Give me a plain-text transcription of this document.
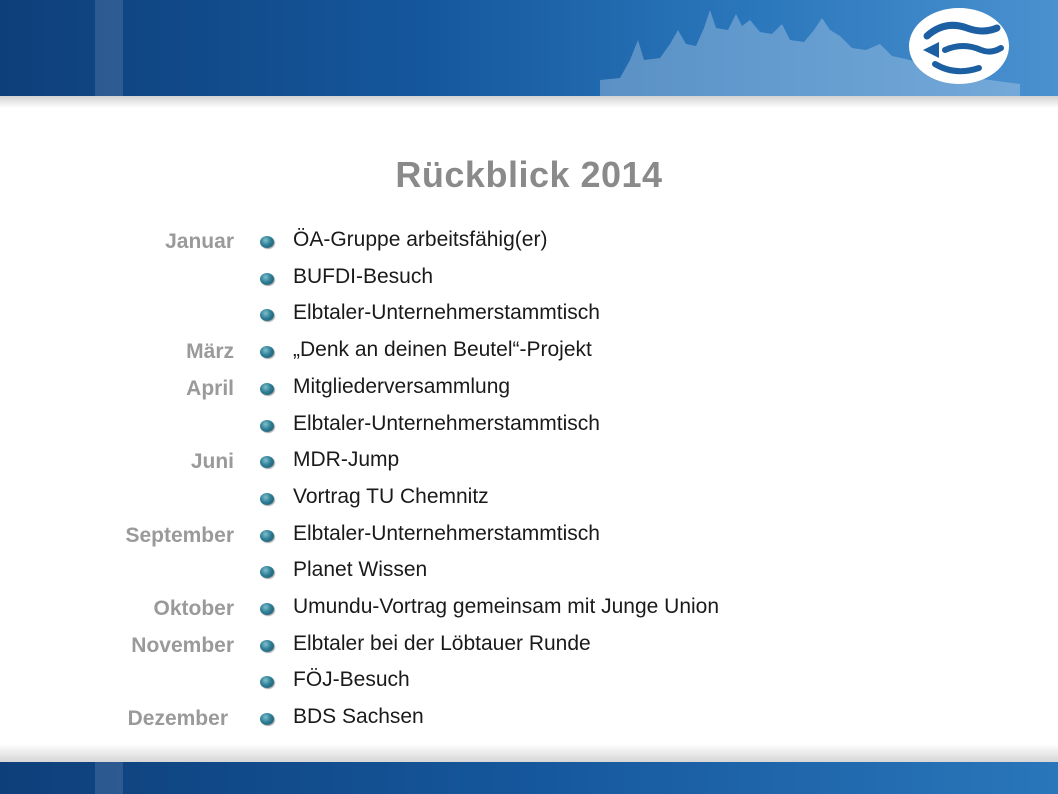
Rückblick 2014
Januar	ÖA-Gruppe arbeitsfähig(er)
BUFDI-Besuch
Elbtaler-Unternehmerstammtisch
März	„Denk an deinen Beutel“-Projekt
April	Mitgliederversammlung
Elbtaler-Unternehmerstammtisch
Juni	MDR-Jump
Vortrag TU Chemnitz
September	Elbtaler-Unternehmerstammtisch
Planet Wissen
Oktober	Umundu-Vortrag gemeinsam mit Junge Union
November	Elbtaler bei der Löbtauer Runde
FÖJ-Besuch
Dezember	BDS Sachsen
